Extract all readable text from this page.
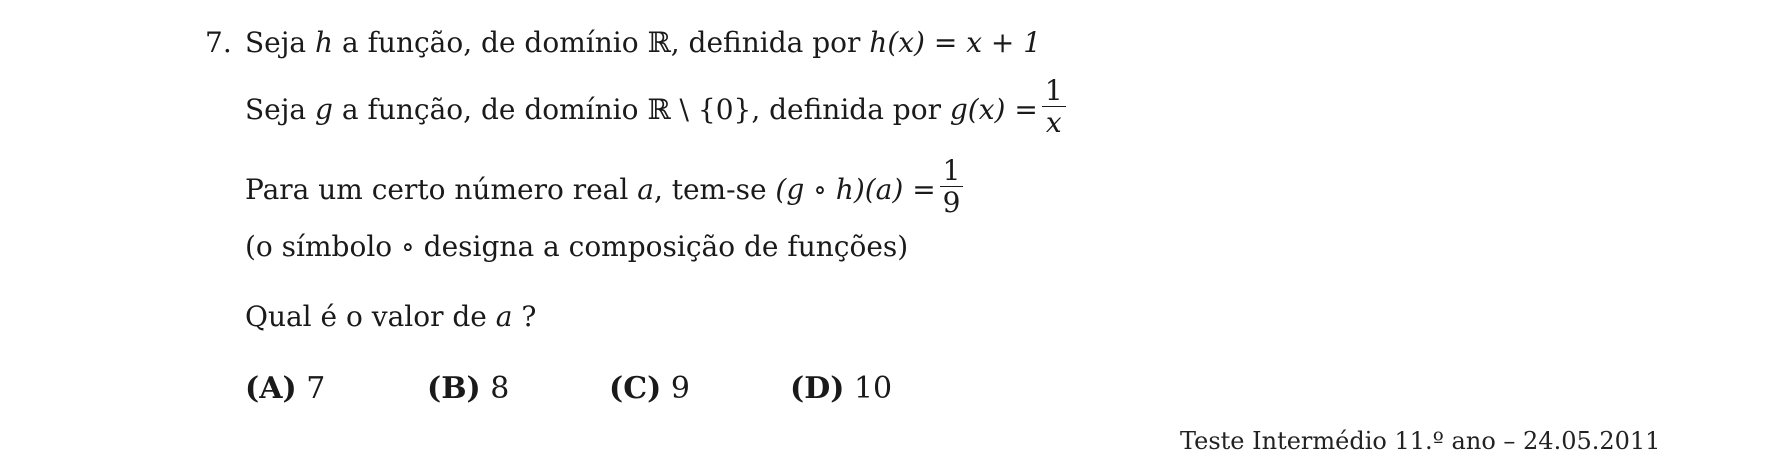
7. Seja h a função, de domínio ℝ, definida por h(x) = x + 1
Seja
g
a função, de domínio ℝ \ {0}, definida por
$g(x) = \frac{1}{x}$
Para um certo número real
a , tem-se
(g ∘ $h)(a) = \frac{1}{9}$
(o símbolo ∘ designa a composição de funções)
Qual é o valor de a ?
(A) 7	(B) 8	(C) 9	(D) 10
Teste Intermédio 11.º ano – 24.05.2011
